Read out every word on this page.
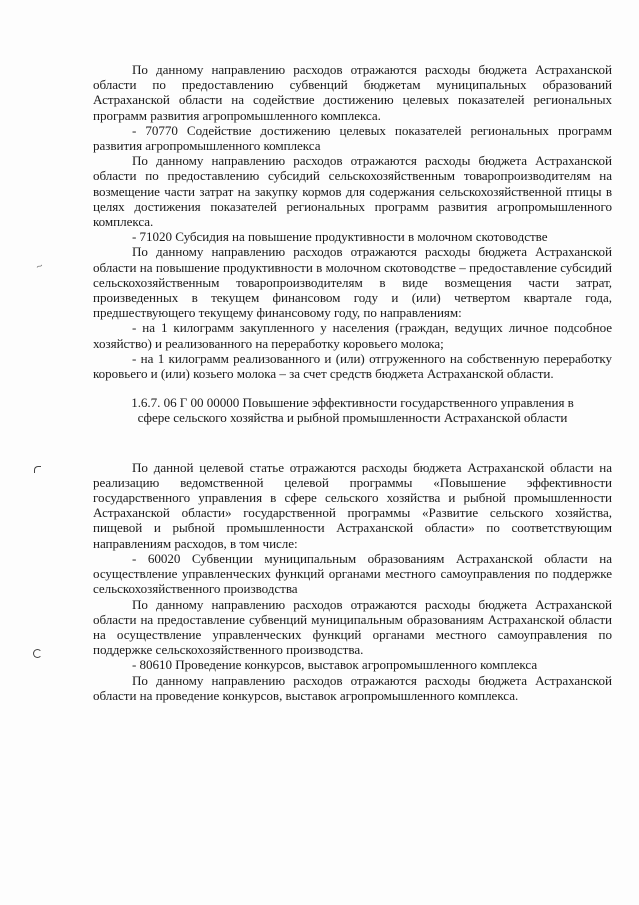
По данному направлению расходов отражаются расходы бюджета Астраханской области по предоставлению субвенций бюджетам муниципальных образований Астраханской области на содействие достижению целевых показателей региональных программ развития агропромышленного комплекса.

- 70770 Содействие достижению целевых показателей региональных программ развития агропромышленного комплекса

По данному направлению расходов отражаются расходы бюджета Астраханской области по предоставлению субсидий сельскохозяйственным товаропроизводителям на возмещение части затрат на закупку кормов для содержания сельскохозяйственной птицы в целях достижения показателей региональных программ развития агропромышленного комплекса.

- 71020 Субсидия на повышение продуктивности в молочном скотоводстве

По данному направлению расходов отражаются расходы бюджета Астраханской области на повышение продуктивности в молочном скотоводстве – предоставление субсидий сельскохозяйственным товаропроизводителям в виде возмещения части затрат, произведенных в текущем финансовом году и (или) четвертом квартале года, предшествующего текущему финансовому году, по направлениям:

- на 1 килограмм закупленного у населения (граждан, ведущих личное подсобное хозяйство) и реализованного на переработку коровьего молока;

- на 1 килограмм реализованного и (или) отгруженного на собственную переработку коровьего и (или) козьего молока – за счет средств бюджета Астраханской области.

1.6.7. 06 Г 00 00000 Повышение эффективности государственного управления в
сфере сельского хозяйства и рыбной промышленности Астраханской области

По данной целевой статье отражаются расходы бюджета Астраханской области на реализацию ведомственной целевой программы «Повышение эффективности государственного управления в сфере сельского хозяйства и рыбной промышленности Астраханской области» государственной программы «Развитие сельского хозяйства, пищевой и рыбной промышленности Астраханской области» по соответствующим направлениям расходов, в том числе:

- 60020 Субвенции муниципальным образованиям Астраханской области на осуществление управленческих функций органами местного самоуправления по поддержке сельскохозяйственного производства

По данному направлению расходов отражаются расходы бюджета Астраханской области на предоставление субвенций муниципальным образованиям Астраханской области на осуществление управленческих функций органами местного самоуправления по поддержке сельскохозяйственного производства.

- 80610 Проведение конкурсов, выставок агропромышленного комплекса

По данному направлению расходов отражаются расходы бюджета Астраханской области на проведение конкурсов, выставок агропромышленного комплекса.

~
